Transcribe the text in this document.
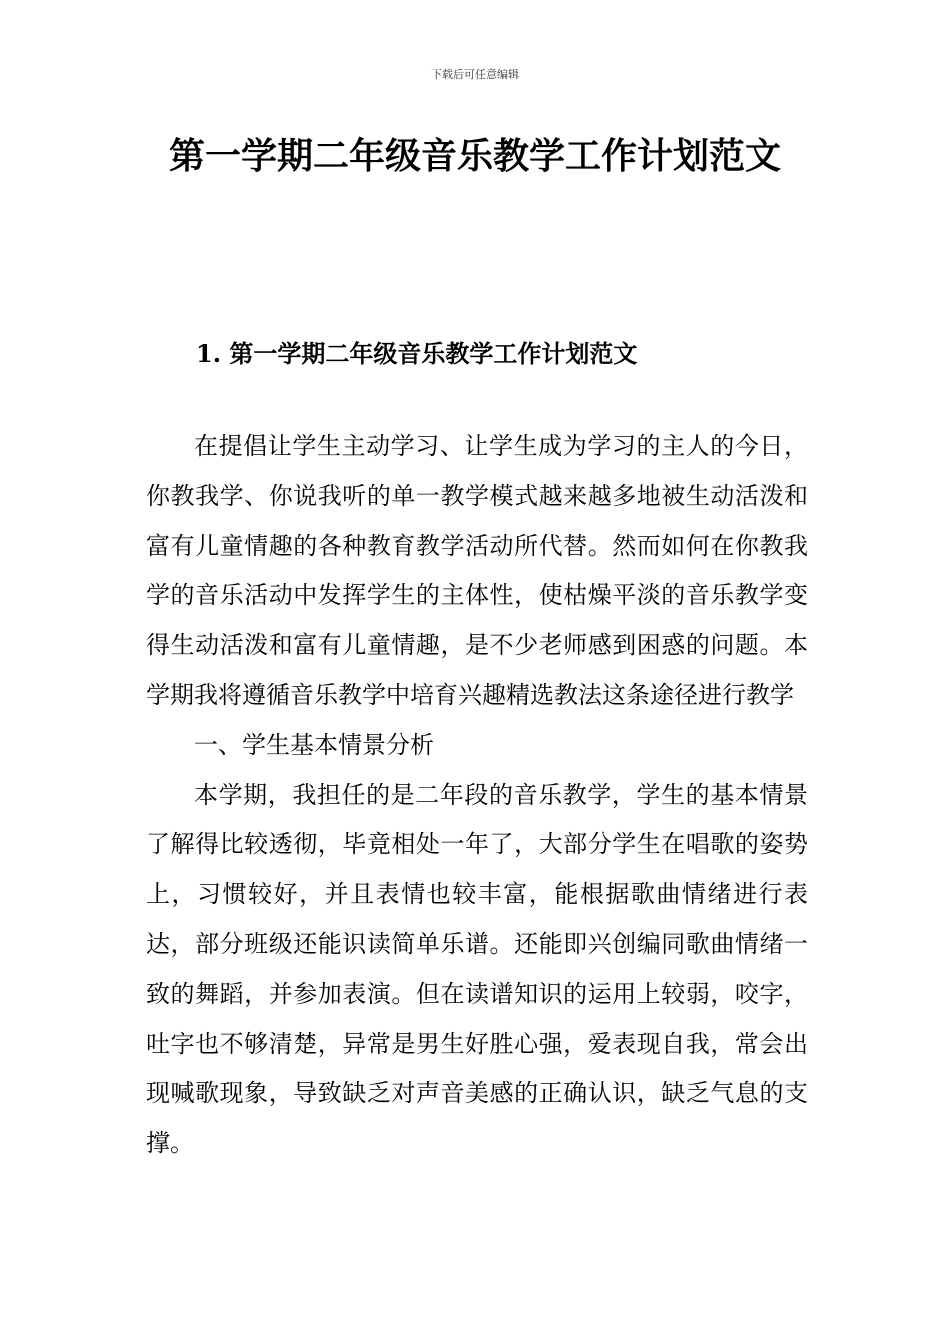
下载后可任意编辑
第一学期二年级音乐教学工作计划范文
1. 第一学期二年级音乐教学工作计划范文

在提倡让学生主动学习、让学生成为学习的主人的今日，你教我学、你说我听的单一教学模式越来越多地被生动活泼和富有儿童情趣的各种教育教学活动所代替。然而如何在你教我学的音乐活动中发挥学生的主体性，使枯燥平淡的音乐教学变得生动活泼和富有儿童情趣，是不少老师感到困惑的问题。本学期我将遵循音乐教学中培育兴趣精选教法这条途径进行教学

一、学生基本情景分析

本学期，我担任的是二年段的音乐教学，学生的基本情景了解得比较透彻，毕竟相处一年了，大部分学生在唱歌的姿势上，习惯较好，并且表情也较丰富，能根据歌曲情绪进行表达，部分班级还能识读简单乐谱。还能即兴创编同歌曲情绪一致的舞蹈，并参加表演。但在读谱知识的运用上较弱，咬字，吐字也不够清楚，异常是男生好胜心强，爱表现自我，常会出现喊歌现象，导致缺乏对声音美感的正确认识，缺乏气息的支撑。
